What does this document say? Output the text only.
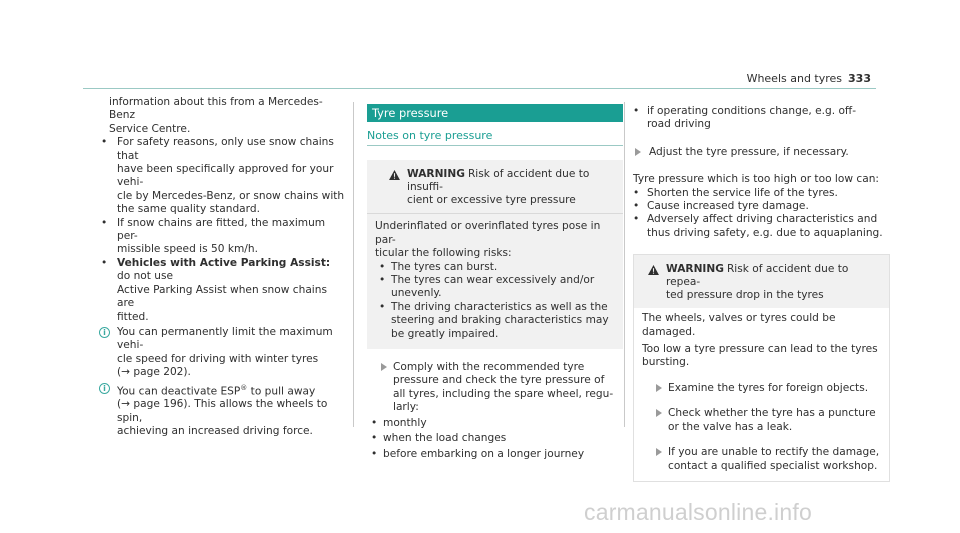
Wheels and tyres 333

information about this from a Mercedes-Benz

Service Centre.

• For safety reasons, only use snow chains that

have been specifically approved for your vehi-

cle by Mercedes-Benz, or snow chains with

the same quality standard.

• If snow chains are fitted, the maximum per-

missible speed is 50 km/h.

• Vehicles with Active Parking Assist: do not use

Active Parking Assist when snow chains are

fitted.

i	You can permanently limit the maximum vehi-

cle speed for driving with winter tyres

(→ page 202).

i	You can deactivate ESP® to pull away

(→ page 196). This allows the wheels to spin,

achieving an increased driving force.

Tyre pressure
Notes on tyre pressure

WARNING Risk of accident due to insuffi-

cient or excessive tyre pressure

Underinflated or overinflated tyres pose in par-

ticular the following risks:

• The tyres can burst.

• The tyres can wear excessively and/or

unevenly.

• The driving characteristics as well as the

steering and braking characteristics may

be greatly impaired.

Comply with the recommended tyre

pressure and check the tyre pressure of

all tyres, including the spare wheel, regu-

larly:

• monthly

• when the load changes

• before embarking on a longer journey

• if operating conditions change, e.g. off-

road driving

Adjust the tyre pressure, if necessary.

Tyre pressure which is too high or too low can:

• Shorten the service life of the tyres.

• Cause increased tyre damage.

• Adversely affect driving characteristics and

thus driving safety, e.g. due to aquaplaning.

WARNING Risk of accident due to repea-

ted pressure drop in the tyres

The wheels, valves or tyres could be damaged.

Too low a tyre pressure can lead to the tyres

bursting.

Examine the tyres for foreign objects.

Check whether the tyre has a puncture

or the valve has a leak.

If you are unable to rectify the damage,

contact a qualified specialist workshop.

carmanualsonline.info
